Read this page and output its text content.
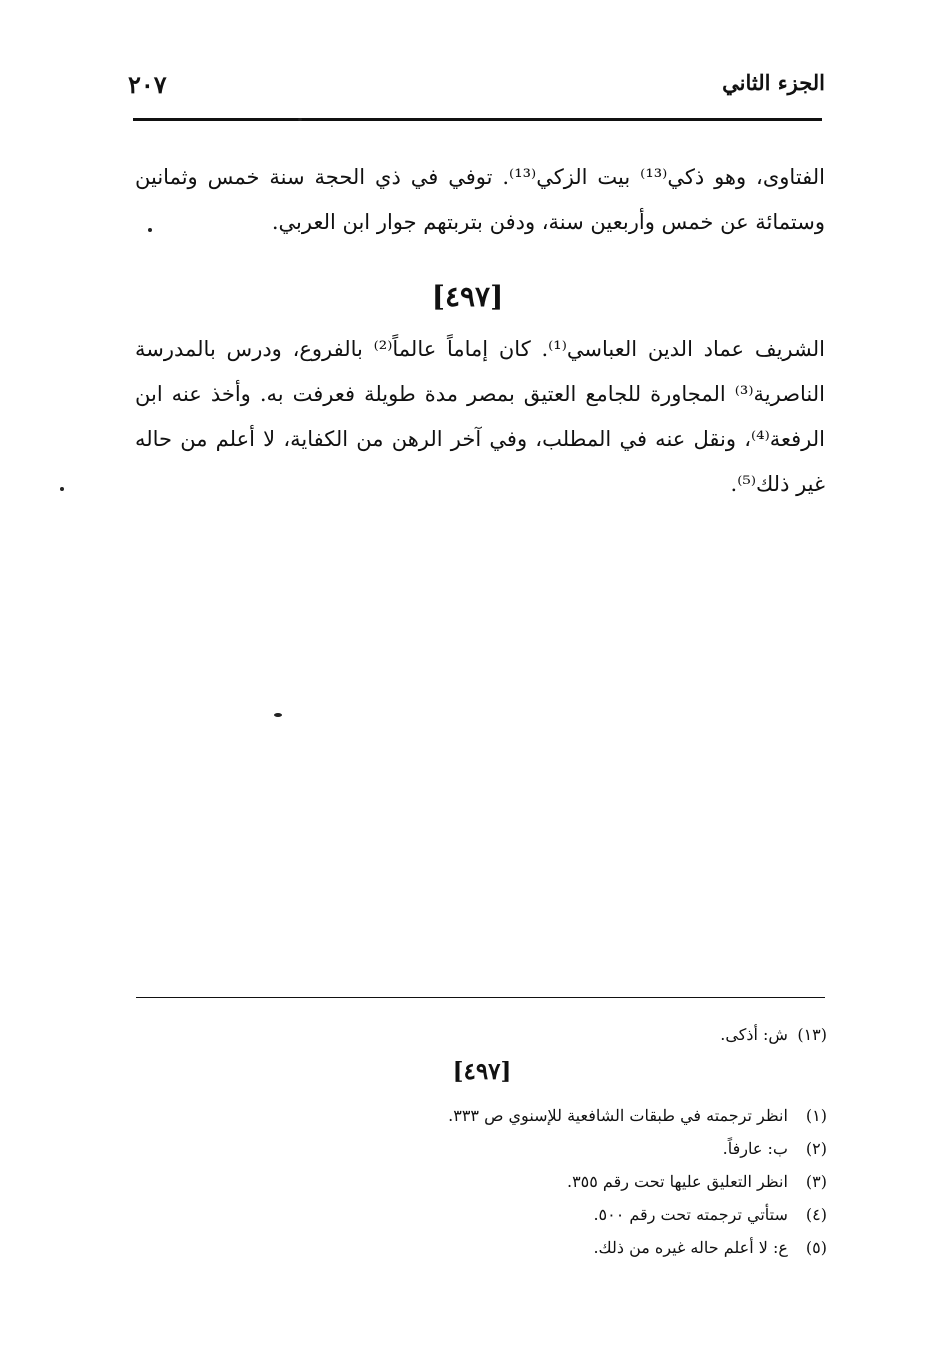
الجزء الثاني
٢٠٧

الفتاوى، وهو ذكي⁽¹³⁾ بيت الزكي⁽¹³⁾. توفي في ذي الحجة سنة خمس وثمانين وستمائة عن خمس وأربعين سنة، ودفن بتربتهم جوار ابن العربي.

[٤٩٧]

الشريف عماد الدين العباسي⁽¹⁾. كان إماماً عالماً⁽²⁾ بالفروع، ودرس بالمدرسة الناصرية⁽³⁾ المجاورة للجامع العتيق بمصر مدة طويلة فعرفت به. وأخذ عنه ابن الرفعة⁽⁴⁾، ونقل عنه في المطلب، وفي آخر الرهن من الكفاية، لا أعلم من حاله غير ذلك⁽⁵⁾.

(١٣) ش: أذكى.
[٤٩٧]
(١) انظر ترجمته في طبقات الشافعية للإسنوي ص ٣٣٣.
(٢) ب: عارفاً.
(٣) انظر التعليق عليها تحت رقم ٣٥٥.
(٤) ستأتي ترجمته تحت رقم ٥٠٠.
(٥) ع: لا أعلم حاله غيره من ذلك.
